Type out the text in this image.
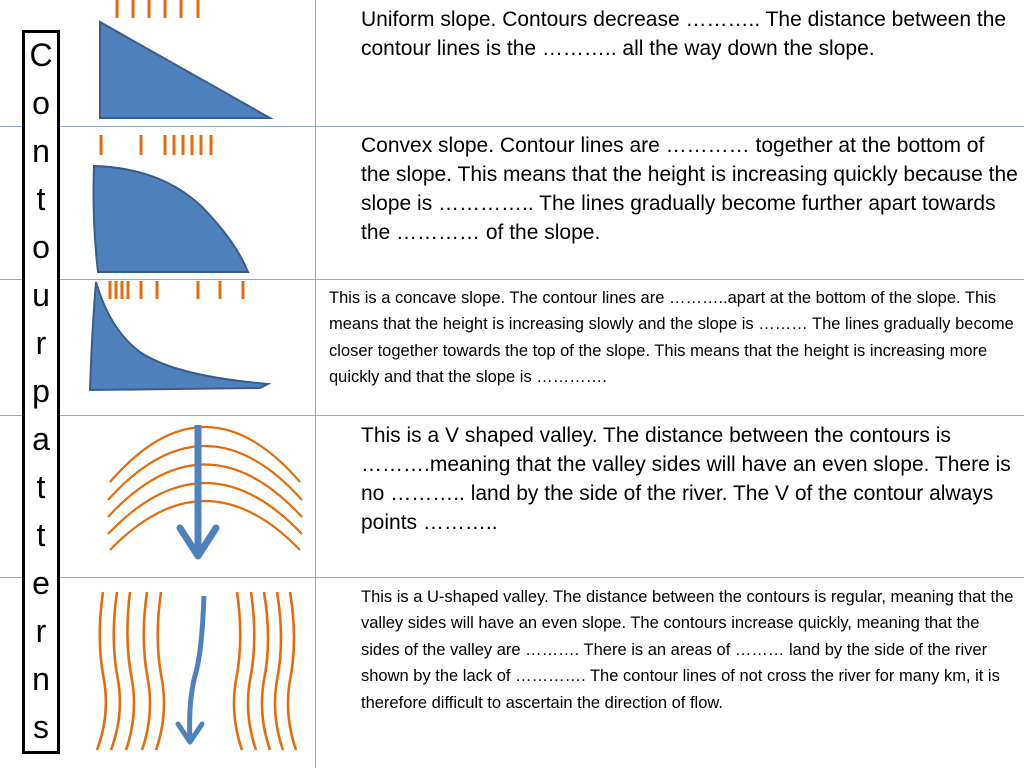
C
o
n
t
o
u
r
p
a
t
t
e
r
n
s
Uniform slope. Contours decrease ……….. The distance between the contour lines is the ……….. all the way down the slope.
Convex slope. Contour lines are ………… together at the bottom of the slope. This means that the height is increasing quickly because the slope is ………….. The lines gradually become further apart towards the ………… of the slope.
This is a concave slope. The contour lines are ………..apart at the bottom of the slope. This means that the height is increasing slowly and the slope is ……… The lines gradually become closer together towards the top of the slope. This means that the height is increasing more quickly and that the slope is ………….
This is a V shaped valley. The distance between the contours is ……….meaning that the valley sides will have an even slope. There is no ……….. land by the side of the river. The V of the contour always points ………..
This is a U-shaped valley. The distance between the contours is regular, meaning that the valley sides will have an even slope. The contours increase quickly, meaning that the sides of the valley are ………. There is an areas of ……… land by the side of the river shown by the lack of …………. The contour lines of not cross the river for many km, it is therefore difficult to ascertain the direction of flow.
